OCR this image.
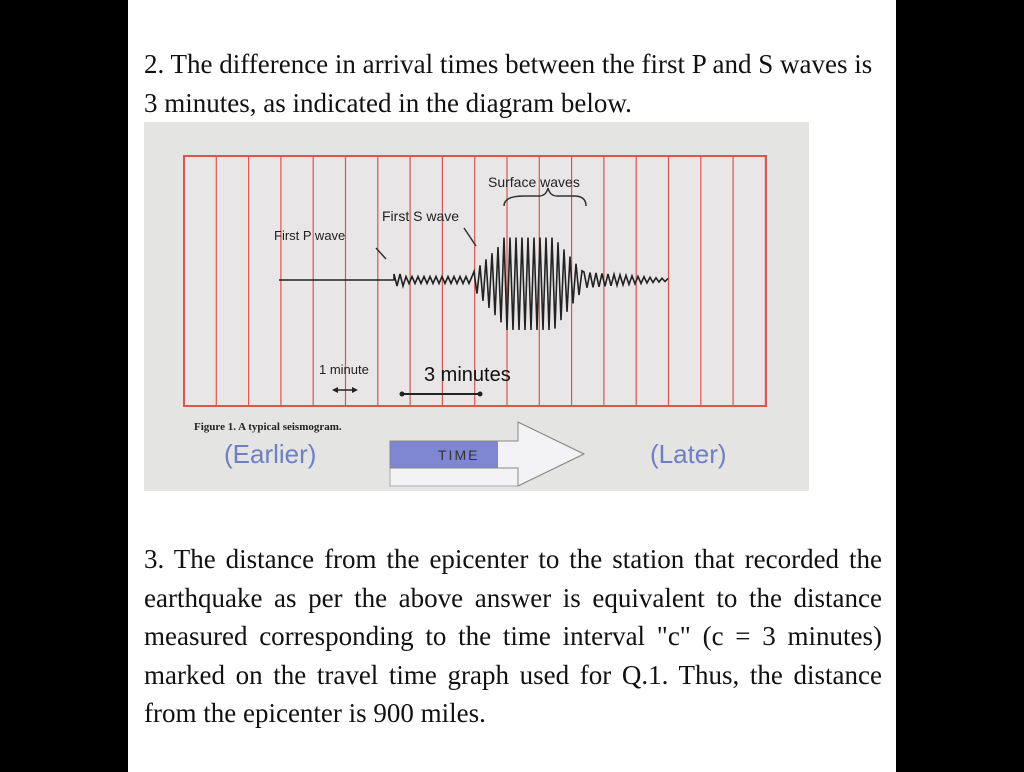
2. The difference in arrival times between the first P and S waves is 3 minutes, as indicated in the diagram below.
Surface waves
First S wave
First P wave
1 minute	3 minutes
Figure 1. A typical seismogram.
(Earlier)	TIME	(Later)
3. The distance from the epicenter to the station that recorded the earthquake as per the above answer is equivalent to the distance measured corresponding to the time interval "c" (c = 3 minutes) marked on the travel time graph used for Q.1. Thus, the distance from the epicenter is 900 miles.
